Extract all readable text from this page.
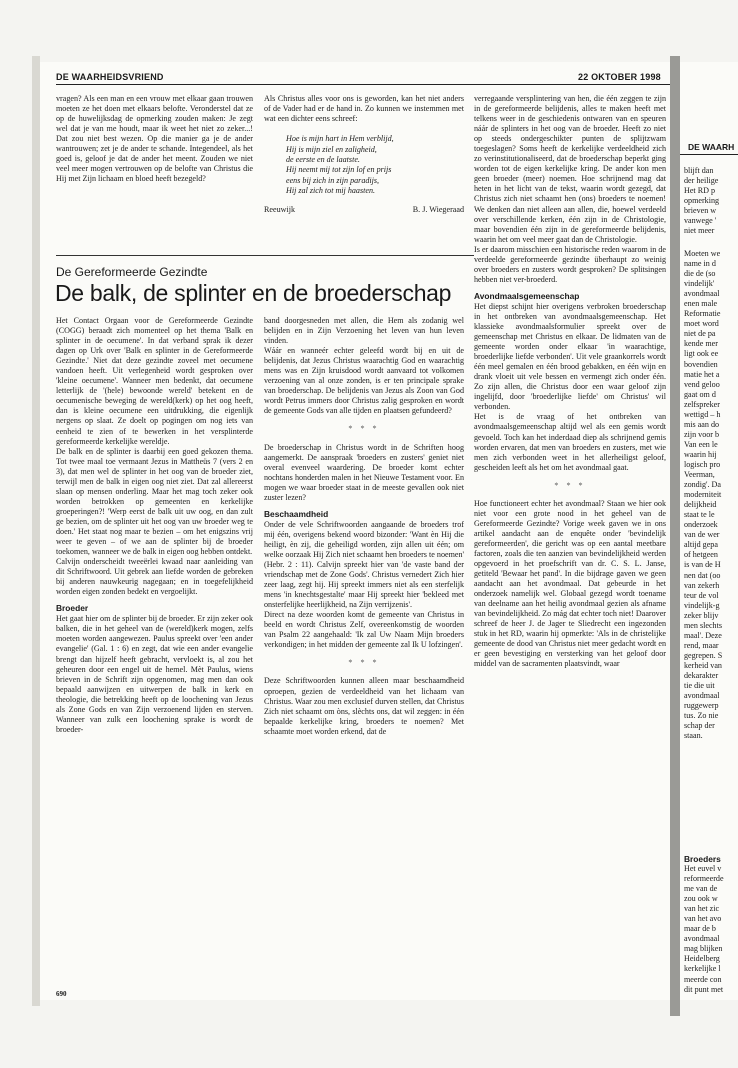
DE WAARHEIDSVRIEND	22 OKTOBER 1998

vragen? Als een man en een vrouw met elkaar gaan trouwen moeten ze het doen met elkaars belofte. Veronderstel dat ze op de huwelijksdag de opmerking zouden maken: Je zegt wel dat je van me houdt, maar ik weet het niet zo zeker...! Dat zou niet best wezen. Op die manier ga je de ander wantrouwen; zet je de ander te schande. Integendeel, als het goed is, geloof je dat de ander het meent. Zouden we niet veel meer mogen vertrouwen op de belofte van Christus die Hij met Zijn lichaam en bloed heeft bezegeld?

Als Christus alles voor ons is geworden, kan het niet anders of de Vader had er de hand in. Zo kunnen we instemmen met wat een dichter eens schreef:

Hoe is mijn hart in Hem verblijd,
Hij is mijn ziel en zaligheid,
de eerste en de laatste.
Hij neemt mij tot zijn lof en prijs
eens bij zich in zijn paradijs,
Hij zal zich tot mij haasten.
Reeuwijk	B. J. Wiegeraad
De Gereformeerde Gezindte
De balk, de splinter en de broederschap

Het Contact Orgaan voor de Gereformeerde Gezindte (COGG) beraadt zich momenteel op het thema 'Balk en splinter in de oecumene'. In dat verband sprak ik dezer dagen op Urk over 'Balk en splinter in de Gereformeerde Gezindte.' Niet dat deze gezindte zoveel met oecumene vandoen heeft. Uit verlegenheid wordt gesproken over 'kleine oecumene'. Wanneer men bedenkt, dat oecumene letterlijk de '(hele) bewoonde wereld' betekent en de oecumenische beweging de wereld(kerk) op het oog heeft, dan is kleine oecumene een uitdrukking, die eigenlijk nergens op slaat. Ze doelt op pogingen om nog iets van eenheid te zien of te bewerken in het versplinterde gereformeerde kerkelijke wereldje.

De balk en de splinter is daarbij een goed gekozen thema. Tot twee maal toe vermaant Jezus in Mattheüs 7 (vers 2 en 3), dat men wel de splinter in het oog van de broeder ziet, terwijl men de balk in eigen oog niet ziet. Dat zal allereerst slaan op mensen onderling. Maar het mag toch zeker ook worden betrokken op gemeenten en kerkelijke groeperingen?! 'Werp eerst de balk uit uw oog, en dan zult ge bezien, om de splinter uit het oog van uw broeder weg te doen.' Het staat nog maar te bezien – om het enigszins vrij weer te geven – of we aan de splinter bij de broeder toekomen, wanneer we de balk in eigen oog hebben ontdekt.

Calvijn onderscheidt tweeërlei kwaad naar aanleiding van dit Schriftwoord. Uit gebrek aan liefde worden de gebreken bij anderen nauwkeurig nagegaan; en in toegefelijkheid worden eigen zonden bedekt en vergoelijkt.

Broeder

Het gaat hier om de splinter bij de broeder. Er zijn zeker ook balken, die in het geheel van de (wereld)kerk mogen, zelfs moeten worden aangewezen. Paulus spreekt over 'een ander evangelie' (Gal. 1 : 6) en zegt, dat wie een ander evangelie brengt dan hijzelf heeft gebracht, vervloekt is, al zou het geheuren door een engel uit de hemel. Mèt Paulus, wiens brieven in de Schrift zijn opgenomen, mag men dan ook bepaald aanwijzen en uitwerpen de balk in kerk en theologie, die betrekking heeft op de loochening van Jezus als Zone Gods en van Zijn verzoenend lijden en sterven. Wanneer van zulk een loochening sprake is wordt de broeder-

band doorgesneden met allen, die Hem als zodanig wel belijden en in Zijn Verzoening het leven van hun leven vinden.

Wáár en wanneér echter geleefd wordt bij en uit de belijdenis, dat Jezus Christus waarachtig God en waarachtig mens was en Zijn kruisdood wordt aanvaard tot volkomen verzoening van al onze zonden, is er ten principale sprake van broederschap. De belijdenis van Jezus als Zoon van God wordt Petrus immers door Christus zalig gesproken en wordt de gemeente Gods van alle tijden en plaatsen gefundeerd?

* * *

De broederschap in Christus wordt in de Schriften hoog aangemerkt. De aanspraak 'broeders en zusters' geniet niet overal evenveel waardering. De broeder komt echter nochtans honderden malen in het Nieuwe Testament voor. En mogen we waar broeder staat in de meeste gevallen ook niet zuster lezen?

Beschaamdheid

Onder de vele Schriftwoorden aangaande de broeders trof mij één, overigens bekend woord bizonder: 'Want èn Hij die heiligt, èn zij, die geheiligd worden, zijn allen uit één; om welke oorzaak Hij Zich niet schaamt hen broeders te noemen' (Hebr. 2 : 11). Calvijn spreekt hier van 'de vaste band der vriendschap met de Zone Gods'. Christus vernedert Zich hier zeer laag, zegt hij. Hij spreekt immers niet als een sterfelijk mens 'in knechtsgestalte' maar Hij spreekt hier 'bekleed met onsterfelijke heerlijkheid, na Zijn verrijzenis'.

Direct na deze woorden komt de gemeente van Christus in beeld en wordt Christus Zelf, overeenkomstig de woorden van Psalm 22 aangehaald: 'Ik zal Uw Naam Mijn broeders verkondigen; in het midden der gemeente zal Ik U lofzingen'.

* * *

Deze Schriftwoorden kunnen alleen maar beschaamdheid oproepen, gezien de verdeeldheid van het lichaam van Christus. Waar zou men exclusief durven stellen, dat Christus Zich niet schaamt om òns, slèchts ons, dat wil zeggen: in één bepaalde kerkelijke kring, broeders te noemen? Met schaamte moet worden erkend, dat de

verregaande versplintering van hen, die één zeggen te zijn in de gereformeerde belijdenis, alles te maken heeft met telkens weer in de geschiedenis ontwaren van en speuren náár de splinters in het oog van de broeder. Heeft zo niet op steeds ondergeschikter punten de splijtzwam toegeslagen? Soms heeft de kerkelijke verdeeldheid zich zo verinstitutionaliseerd, dat de broederschap beperkt ging worden tot de eigen kerkelijke kring. De ander kon men geen broeder (meer) noemen. Hoe schrijnend mag dat heten in het licht van de tekst, waarin wordt gezegd, dat Christus zich niet schaamt hen (ons) broeders te noemen! We denken dan niet alleen aan allen, die, hoewel verdeeld over verschillende kerken, één zijn in de Christologie, maar bovendien één zijn in de gereformeerde belijdenis, waarin het om veel meer gaat dan de Christologie.

Is er daarom misschien een historische reden waarom in de verdeelde gereformeerde gezindte überhaupt zo weinig over broeders en zusters wordt gesproken? De splitsingen hebben niet ver-broederd.

Avondmaalsgemeenschap

Het diepst schijnt hier overigens verbroken broederschap in het ontbreken van avondmaalsgemeenschap. Het klassieke avondmaalsformulier spreekt over de gemeenschap met Christus en elkaar. De lidmaten van de gemeente worden onder elkaar 'in waarachtige, broederlijke liefde verbonden'. Uit vele graankorrels wordt één meel gemalen en één brood gebakken, en één wijn en drank vloeit uit vele bessen en vermengt zich onder één. Zo zijn allen, die Christus door een waar geloof zijn ingelijfd, door 'broederlijke liefde' om Christus' wil verbonden.

Het is de vraag of het ontbreken van avondmaalsgemeenschap altijd wel als een gemis wordt gevoeld. Toch kan het inderdaad diep als schrijnend gemis worden ervaren, dat men van broeders en zusters, met wie men zich verbonden weet in het allerheiligst geloof, gescheiden leeft als het om het avondmaal gaat.

* * *

Hoe functioneert echter het avondmaal? Staan we hier ook niet voor een grote nood in het geheel van de Gereformeerde Gezindte? Vorige week gaven we in ons artikel aandacht aan de enquête onder 'bevindelijk gereformeerden', die gericht was op een aantal meetbare factoren, zoals die ten aanzien van bevindelijkheid werden opgevoerd in het proefschrift van dr. C. S. L. Janse, getiteld 'Bewaar het pand'. In die bijdrage gaven we geen aandacht aan het avondmaal. Dat gebeurde in het onderzoek namelijk wel. Globaal gezegd wordt toename van deelname aan het heilig avondmaal gezien als afname van bevindelijkheid. Zo mág dat echter toch niet! Daarover schreef de heer J. de Jager te Sliedrecht een ingezonden stuk in het RD, waarin hij opmerkte: 'Als in de christelijke gemeente de dood van Christus niet meer gedacht wordt en er geen bevestiging en versterking van het geloof door middel van de sacramenten plaatsvindt, waar

690
DE WAARH
blijft dan
der heilige
Het RD p
opmerking
brieven w
vanwege '
niet meer
Moeten we
name in d
die de (so
vindelijk'
avondmaal
enen male
Reformatie
moet word
niet de pa
kende mer
ligt ook ee
bovendien
matie het a
vend geloo
gaat om d
zelfspreker
wettigd – h
mis aan do
zijn voor b
Van een le
waarin hij
logisch pro
Veerman,
zondig'. Da
moderniteit
delijkheid
staat te le
onderzoek
van de wer
altijd gepa
of hetgeen
is van de H
nen dat (oo
van zekerh
teur de vol
vindelijk-g
zeker blijv
men slechts
maal'. Deze
rend, maar
gegrepen. S
kerheid van
dekarakter
tie die uit
avondmaal
ruggewerp
tus. Zo nie
schap der
staan.
Broeders
Het euvel v
reformeerde
me van de
zou ook w
van het zic
van het avo
maar de b
avondmaal
mag blijken
Heidelberg
kerkelijke l
meerde con
dit punt met
